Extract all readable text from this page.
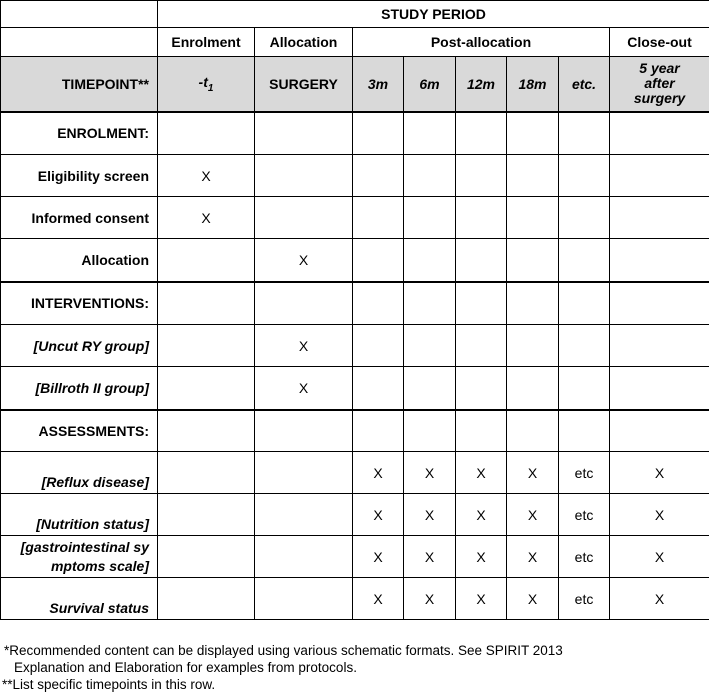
	STUDY PERIOD							
	Enrolment	Allocation	Post-allocation					Close-out
TIMEPOINT**	$-t_1$	SURGERY	3m	6m	12m	18m	etc.	5 year
after
surgery
ENROLMENT:								
Eligibility screen	X							
Informed consent	X							
Allocation		X						
INTERVENTIONS:								
[Uncut RY group]		X						
[Billroth II group]		X						
ASSESSMENTS:								
[Reflux disease]			X	X	X	X	etc	X
[Nutrition status]			X	X	X	X	etc	X
[gastrointestinal sy
mptoms scale]			X	X	X	X	etc	X
Survival status			X	X	X	X	etc	X
*Recommended content can be displayed using various schematic formats. See SPIRIT 2013
Explanation and Elaboration for examples from protocols.
**List specific timepoints in this row.
